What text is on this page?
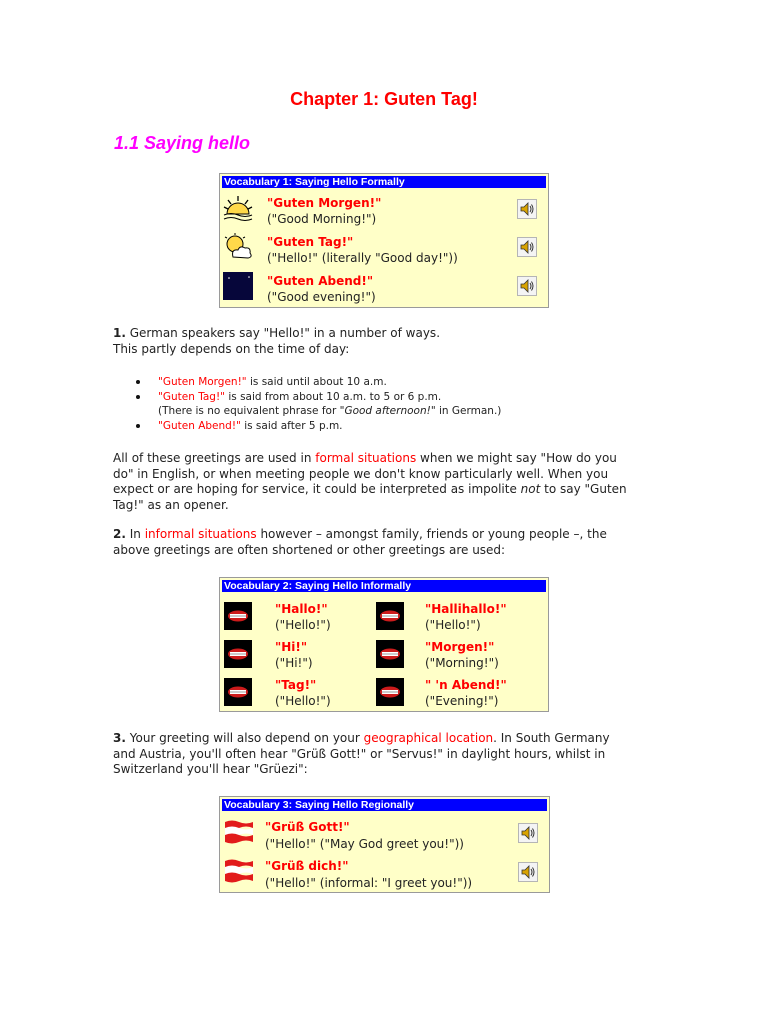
Chapter 1: Guten Tag!
1.1 Saying hello
Vocabulary 1: Saying Hello Formally
"Guten Morgen!"
("Good Morning!")
"Guten Tag!"
("Hello!" (literally "Good day!"))
"Guten Abend!"
("Good evening!")
1. German speakers say "Hello!" in a number of ways.
This partly depends on the time of day:
"Guten Morgen!" is said until about 10 a.m.
"Guten Tag!" is said from about 10 a.m. to 5 or 6 p.m.
(There is no equivalent phrase for "Good afternoon!" in German.)
"Guten Abend!" is said after 5 p.m.
All of these greetings are used in formal situations when we might say "How do you
do" in English, or when meeting people we don't know particularly well. When you
expect or are hoping for service, it could be interpreted as impolite not to say "Guten
Tag!" as an opener.
2. In informal situations however – amongst family, friends or young people –, the
above greetings are often shortened or other greetings are used:
Vocabulary 2: Saying Hello Informally
"Hallo!"
("Hello!")
"Hi!"
("Hi!")
"Tag!"
("Hello!")
"Hallihallo!"
("Hello!")
"Morgen!"
("Morning!")
" 'n Abend!"
("Evening!")
3. Your greeting will also depend on your geographical location. In South Germany
and Austria, you'll often hear "Grüß Gott!" or "Servus!" in daylight hours, whilst in
Switzerland you'll hear "Grüezi":
Vocabulary 3: Saying Hello Regionally
"Grüß Gott!"
("Hello!" ("May God greet you!"))
"Grüß dich!"
("Hello!" (informal: "I greet you!"))
